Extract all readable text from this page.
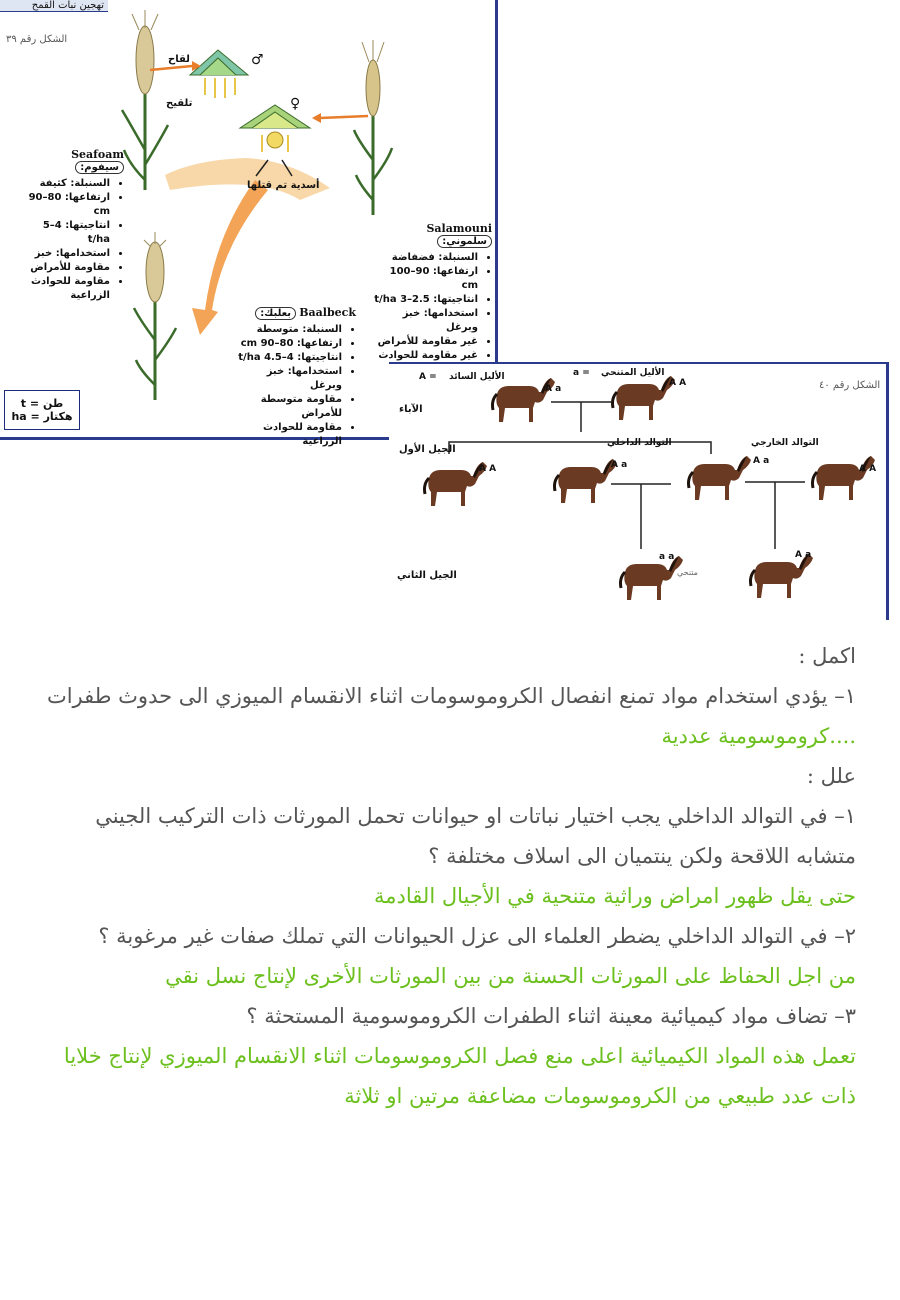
تهجين نبات القمح
الشكل رقم ٣٩
لقاح
تلقيح
♂
♀
أسدية تم قتلها
Seafoam سيفوم:
• السنبلة: كثيفة
• ارتفاعها: 80–90 cm
• انتاجيتها: 4–5 t/ha
• استخدامها: خبز
• مقاومة للأمراض
• مقاومة للحوادث الزراعية
Salamouni سلموني:
• السنبلة: فضفاضة
• ارتفاعها: 90–100 cm
• انتاجيتها: 2.5–3 t/ha
• استخدامها: خبز وبرغل
• غير مقاومة للأمراض
• غير مقاومة للحوادث
Baalbeck بعلبك:
• السنبلة: متوسطة
• ارتفاعها: 80–90 cm
• انتاجيتها: 4–4.5 t/ha
• استخدامها: خبز وبرغل
• مقاومة متوسطة للأمراض
• مقاومة للحوادث الزراعية
t = طن
ha = هكتار
الشكل رقم ٤٠
A = الأليل السائد	a = الأليل المتنحي
الآباء
الجيل الأول
الجيل الثاني
التوالد الداخلي	التوالد الخارجي
A a
A A
A A	A a	A a
A A
a a
متنحي
A a

اكمل :

١– يؤدي استخدام مواد تمنع انفصال الكروموسومات اثناء الانقسام الميوزي الى حدوث طفرات

....كروموسومية عددية

علل :

١– في التوالد الداخلي يجب اختيار نباتات او حيوانات تحمل المورثات ذات التركيب الجيني متشابه اللاقحة ولكن ينتميان الى اسلاف مختلفة ؟

حتى يقل ظهور امراض وراثية متنحية في الأجيال القادمة

٢– في التوالد الداخلي يضطر العلماء الى عزل الحيوانات التي تملك صفات غير مرغوبة ؟

من اجل الحفاظ على المورثات الحسنة من بين المورثات الأخرى لإنتاج نسل نقي

٣– تضاف مواد كيميائية معينة اثناء الطفرات الكروموسومية المستحثة ؟

تعمل هذه المواد الكيميائية اعلى منع فصل الكروموسومات اثناء الانقسام الميوزي لإنتاج خلايا ذات عدد طبيعي من الكروموسومات مضاعفة مرتين او ثلاثة
